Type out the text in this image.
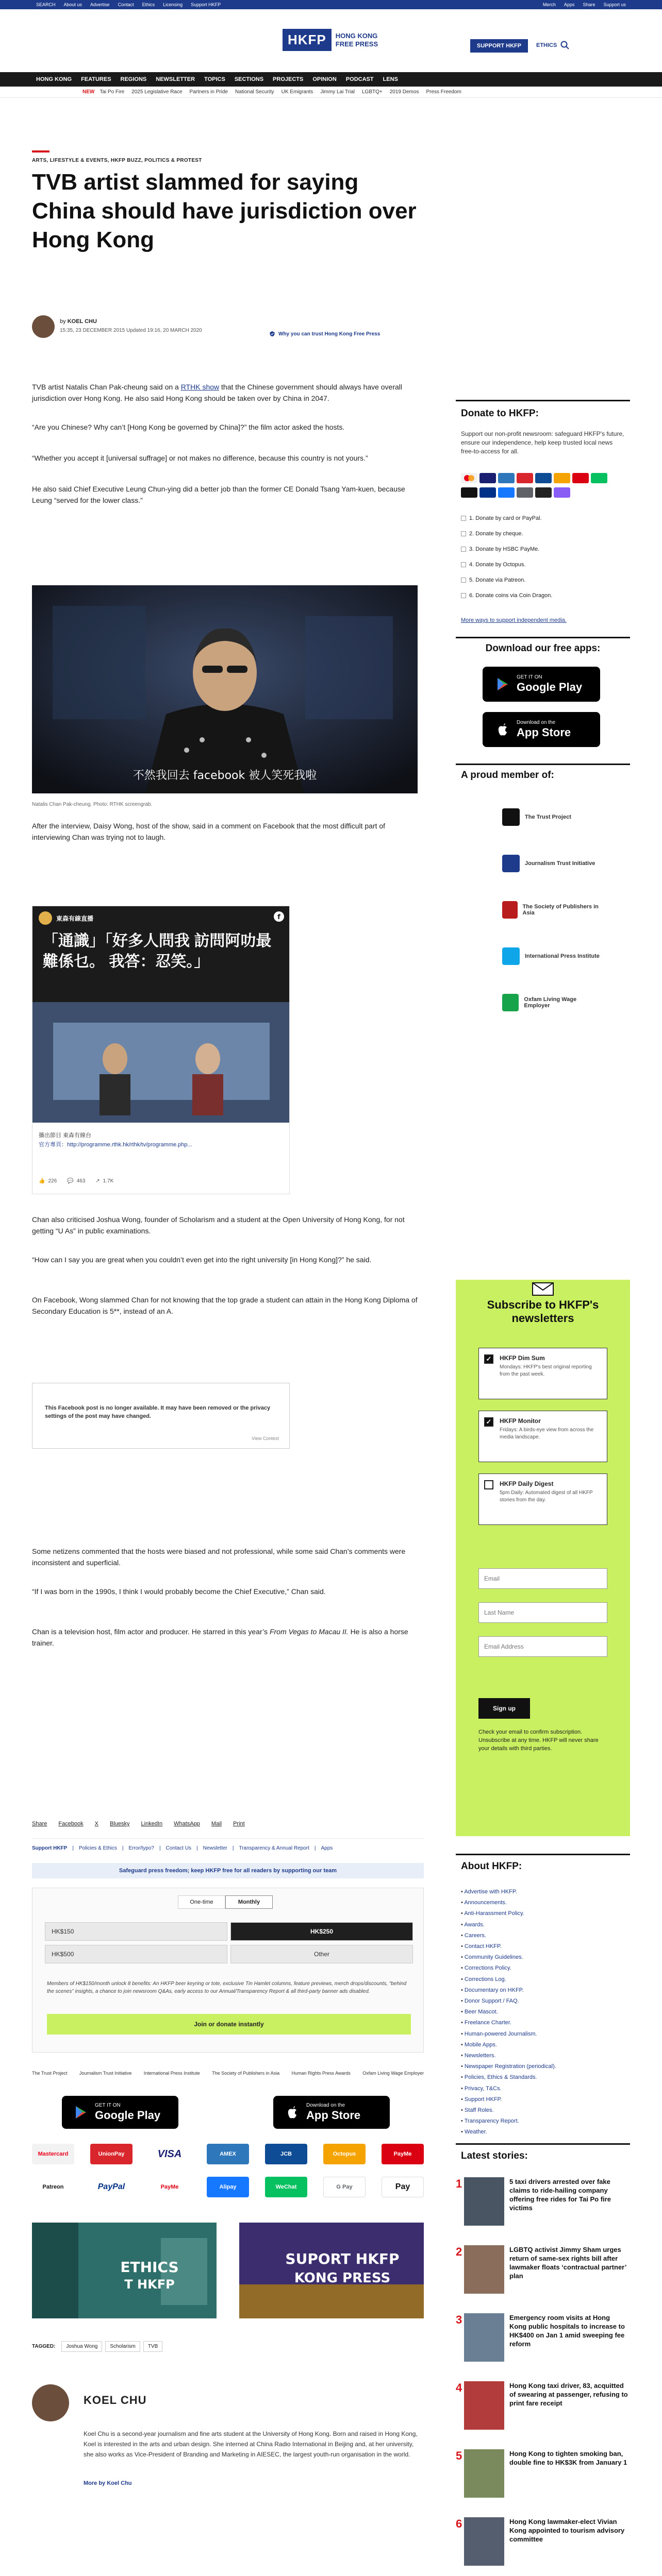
SEARCH About us Advertise Contact Ethics Licensing Support HKFP	Merch Apps Share Support us
HKFP	HONG KONG
FREE PRESS	SUPPORT HKFP	ETHICS
HONG KONG FEATURES REGIONS NEWSLETTER TOPICS SECTIONS PROJECTS OPINION PODCAST LENS
NEW Tai Po Fire 2025 Legislative Race Partners in Pride National Security UK Emigrants Jimmy Lai Trial LGBTQ+ 2019 Demos Press Freedom
ARTS, LIFESTYLE & EVENTS, HKFP BUZZ, POLITICS & PROTEST
TVB artist slammed for saying China should have jurisdiction over Hong Kong
by KOEL CHU
15:35, 23 DECEMBER 2015 Updated 19:16, 20 MARCH 2020
Why you can trust Hong Kong Free Press

TVB artist Natalis Chan Pak-cheung said on a RTHK show that the Chinese government should always have overall jurisdiction over Hong Kong. He also said Hong Kong should be taken over by China in 2047.

“Are you Chinese? Why can’t [Hong Kong be governed by China]?” the film actor asked the hosts.

“Whether you accept it [universal suffrage] or not makes no difference, because this country is not yours.”

He also said Chief Executive Leung Chun-ying did a better job than the former CE Donald Tsang Yam-kuen, because Leung “served for the lower class.”

不然我回去 facebook 被人笑死我啦
Natalis Chan Pak-cheung. Photo: RTHK screengrab.

After the interview, Daisy Wong, host of the show, said in a comment on Facebook that the most difficult part of interviewing Chan was trying not to laugh.

東森有線直播	f
「通識」「好多人問我 訪問阿叻最難係乜。 我答：忍笑。」
播出節目 東森有線台
官方專頁：http://programme.rthk.hk/rthk/tv/programme.php...
👍 226 💬 463 ↗ 1.7K

Chan also criticised Joshua Wong, founder of Scholarism and a student at the Open University of Hong Kong, for not getting “U As” in public examinations.

“How can I say you are great when you couldn’t even get into the right university [in Hong Kong]?” he said.

On Facebook, Wong slammed Chan for not knowing that the top grade a student can attain in the Hong Kong Diploma of Secondary Education is 5**, instead of an A.

This Facebook post is no longer available. It may have been removed or the privacy settings of the post may have changed.
View Context

Some netizens commented that the hosts were biased and not professional, while some said Chan’s comments were inconsistent and superficial.

“If I was born in the 1990s, I think I would probably become the Chief Executive,” Chan said.

Chan is a television host, film actor and producer. He starred in this year’s From Vegas to Macau II. He is also a horse trainer.

Share Facebook X Bluesky LinkedIn WhatsApp Mail Print
Support HKFP | Policies & Ethics | Error/typo? | Contact Us | Newsletter | Transparency & Annual Report | Apps
Safeguard press freedom; keep HKFP free for all readers by supporting our team
One-time	Monthly
HK$150	HK$250
HK$500	Other
Members of HK$150/month unlock 8 benefits: An HKFP beer keyring or tote, exclusive Tin Hamlet columns, feature previews, merch drops/discounts, “behind the scenes” insights, a chance to join newsroom Q&As, early access to our Annual/Transparency Report & all third-party banner ads disabled.
Join or donate instantly
The Trust Project	Journalism Trust Initiative	International Press Institute	The Society of Publishers in Asia	Human Rights Press Awards	Oxfam Living Wage Employer
GET IT ON
Google Play
Download on the
App Store
Mastercard	UnionPay	VISA	AMEX	JCB	Octopus	PayMe
Patreon	PayPal	PayMe	Alipay	WeChat	G Pay	Pay
ETHICS
T HKFP
SUPORT HKFP
KONG PRESS
TAGGED:	Joshua Wong	Scholarism	TVB
KOEL CHU
Koel Chu is a second-year journalism and fine arts student at the University of Hong Kong. Born and raised in Hong Kong, Koel is interested in the arts and urban design. She interned at China Radio International in Beijing and, at her university, she also works as Vice-President of Branding and Marketing in AIESEC, the largest youth-run organisation in the world.
More by Koel Chu
Donate to HKFP:
Support our non-profit newsroom: safeguard HKFP's future, ensure our independence, help keep trusted local news free-to-access for all.
1. Donate by card or PayPal.
2. Donate by cheque.
3. Donate by HSBC PayMe.
4. Donate by Octopus.
5. Donate via Patreon.
6. Donate coins via Coin Dragon.
More ways to support independent media.
Download our free apps:
GET IT ON
Google Play
Download on the
App Store
A proud member of:
The Trust Project
Journalism Trust Initiative
The Society of Publishers in Asia
International Press Institute
Oxfam Living Wage Employer
Subscribe to HKFP's newsletters
✓ HKFP Dim Sum
Mondays: HKFP's best original reporting from the past week.
✓ HKFP Monitor
Fridays: A birds-eye view from across the media landscape.
HKFP Daily Digest
5pm Daily: Automated digest of all HKFP stories from the day.
Email
Last Name
Email Address
Sign up
Check your email to confirm subscription. Unsubscribe at any time. HKFP will never share your details with third parties.
About HKFP:
• Advertise with HKFP.
• Announcements.
• Anti-Harassment Policy.
• Awards.
• Careers.
• Contact HKFP.
• Community Guidelines.
• Corrections Policy.
• Corrections Log.
• Documentary on HKFP.
• Donor Support / FAQ.
• Beer Mascot.
• Freelance Charter.
• Human-powered Journalism.
• Mobile Apps.
• Newsletters.
• Newspaper Registration (periodical).
• Policies, Ethics & Standards.
• Privacy, T&Cs.
• Support HKFP.
• Staff Roles.
• Transparency Report.
• Weather.
Latest stories:
1	5 taxi drivers arrested over fake claims to ride-hailing company offering free rides for Tai Po fire victims
2	LGBTQ activist Jimmy Sham urges return of same-sex rights bill after lawmaker floats ‘contractual partner’ plan
3	Emergency room visits at Hong Kong public hospitals to increase to HK$400 on Jan 1 amid sweeping fee reform
4	Hong Kong taxi driver, 83, acquitted of swearing at passenger, refusing to print fare receipt
5	Hong Kong to tighten smoking ban, double fine to HK$3K from January 1
6	Hong Kong lawmaker-elect Vivian Kong appointed to tourism advisory committee
